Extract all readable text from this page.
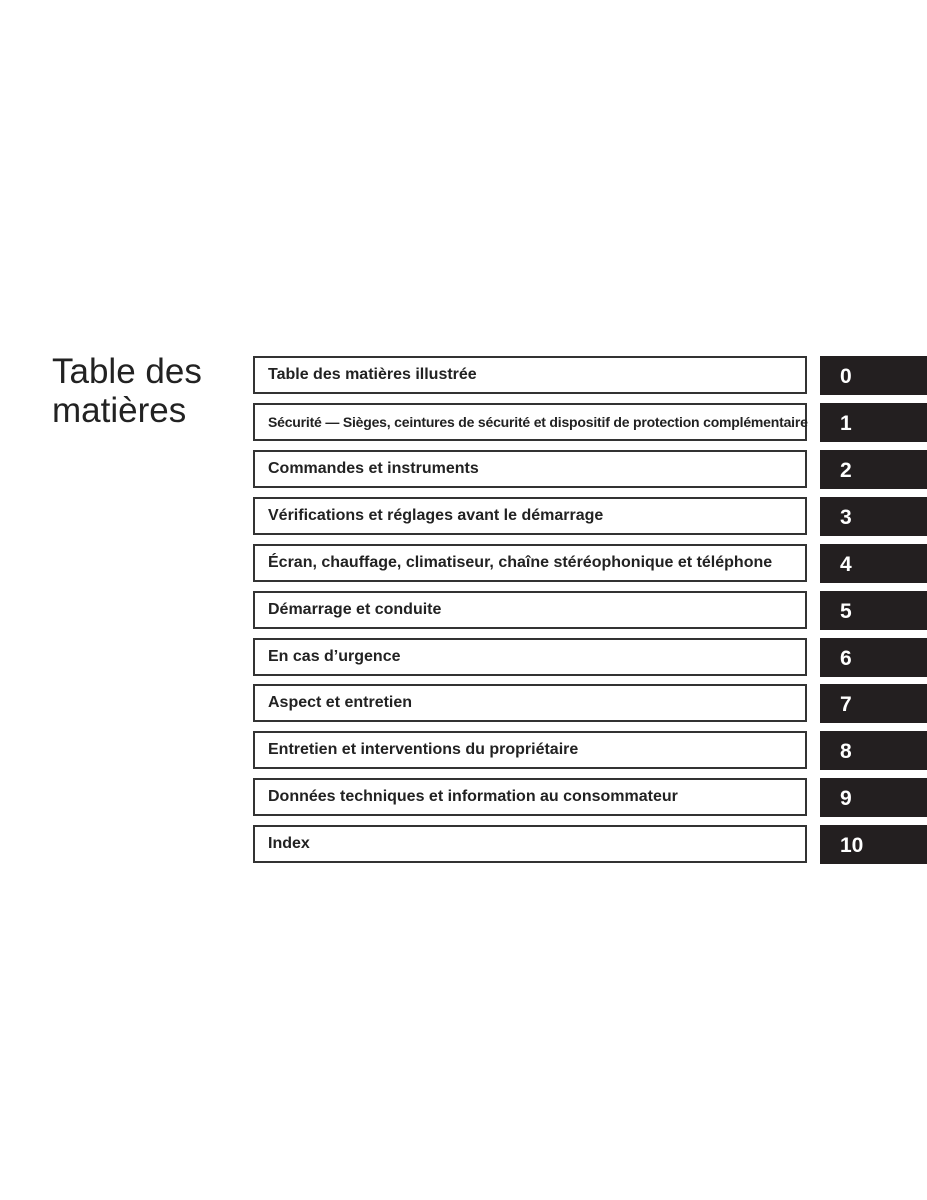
Table des
matières
Table des matières illustrée	0
Sécurité — Sièges, ceintures de sécurité et dispositif de protection complémentaire 1
Commandes et instruments	2
Vérifications et réglages avant le démarrage	3
Écran, chauffage, climatiseur, chaîne stéréophonique et téléphone	4
Démarrage et conduite	5
En cas d’urgence	6
Aspect et entretien	7
Entretien et interventions du propriétaire	8
Données techniques et information au consommateur	9
Index	10
